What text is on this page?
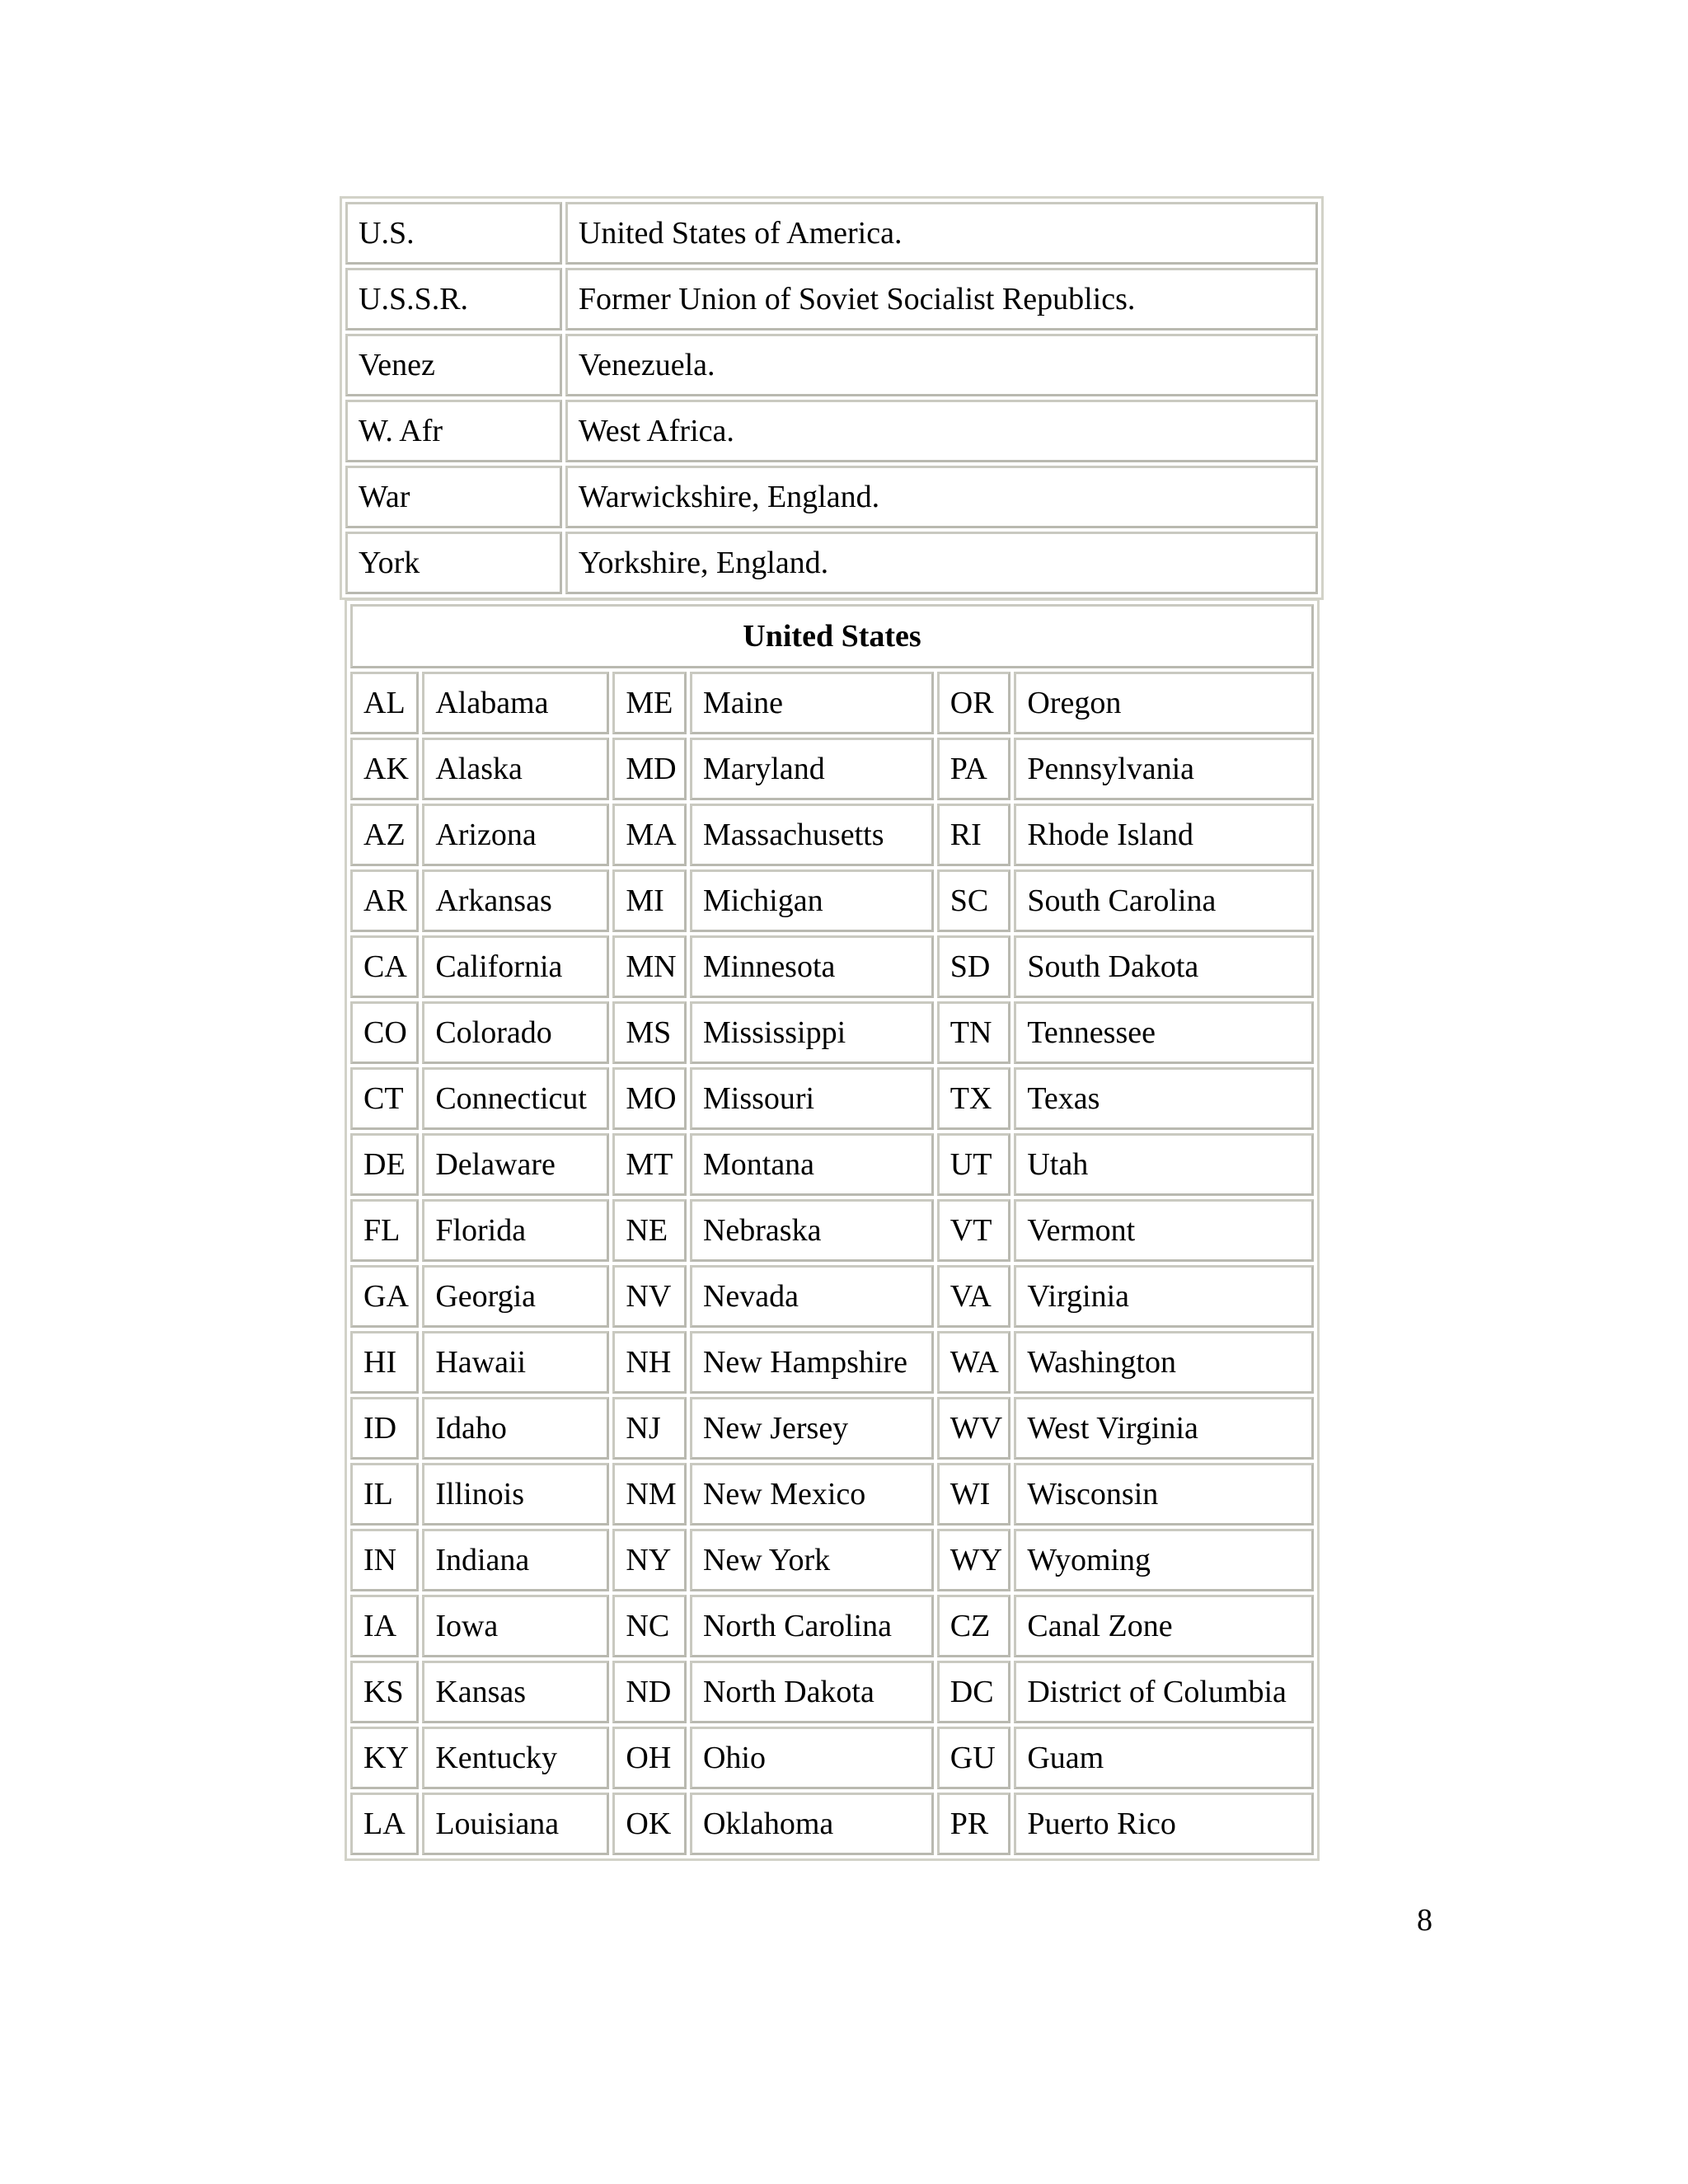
U.S.	United States of America.
U.S.S.R.	Former Union of Soviet Socialist Republics.
Venez	Venezuela.
W. Afr	West Africa.
War	Warwickshire, England.
York	Yorkshire, England.
United States					
AL	Alabama	ME	Maine	OR	Oregon
AK	Alaska	MD	Maryland	PA	Pennsylvania
AZ	Arizona	MA	Massachusetts	RI	Rhode Island
AR	Arkansas	MI	Michigan	SC	South Carolina
CA	California	MN	Minnesota	SD	South Dakota
CO	Colorado	MS	Mississippi	TN	Tennessee
CT	Connecticut	MO	Missouri	TX	Texas
DE	Delaware	MT	Montana	UT	Utah
FL	Florida	NE	Nebraska	VT	Vermont
GA	Georgia	NV	Nevada	VA	Virginia
HI	Hawaii	NH	New Hampshire	WA	Washington
ID	Idaho	NJ	New Jersey	WV	West Virginia
IL	Illinois	NM	New Mexico	WI	Wisconsin
IN	Indiana	NY	New York	WY	Wyoming
IA	Iowa	NC	North Carolina	CZ	Canal Zone
KS	Kansas	ND	North Dakota	DC	District of Columbia
KY	Kentucky	OH	Ohio	GU	Guam
LA	Louisiana	OK	Oklahoma	PR	Puerto Rico
8
